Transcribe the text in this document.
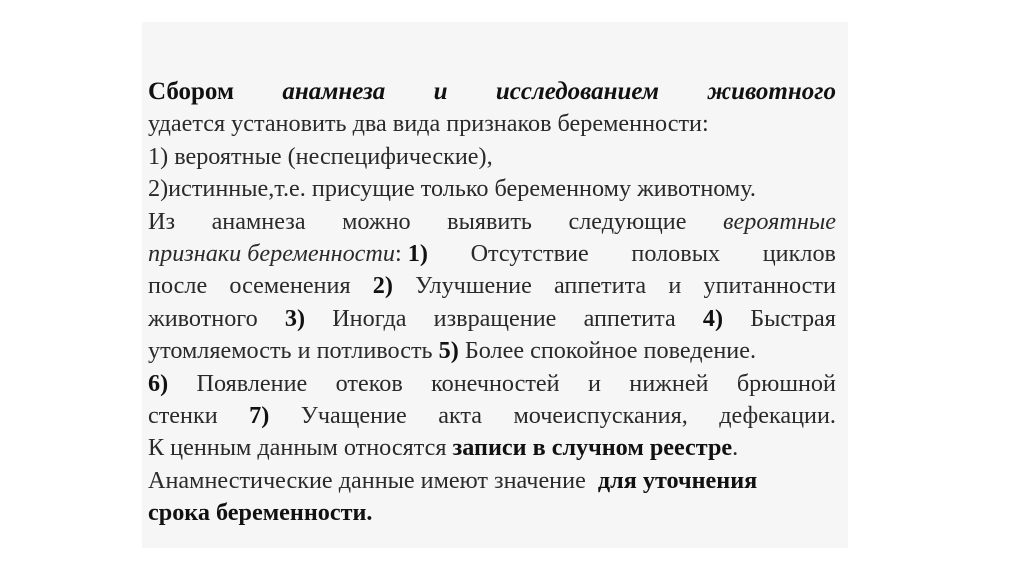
Сбором анамнеза и исследованием животного
удается установить два вида признаков беременности:
1) вероятные (неспецифические),
2)истинные,т.е. присущие только беременному животному.
Из анамнеза можно выявить следующие вероятные
признаки беременности: 1) Отсутствие половых циклов
после осеменения 2) Улучшение аппетита и упитанности
животного 3) Иногда извращение аппетита 4) Быстрая
утомляемость и потливость 5) Более спокойное поведение.
6) Появление отеков конечностей и нижней брюшной
стенки 7) Учащение акта мочеиспускания, дефекации.
К ценным данным относятся записи в случном реестре.
Анамнестические данные имеют значение  для уточнения
срока беременности.
